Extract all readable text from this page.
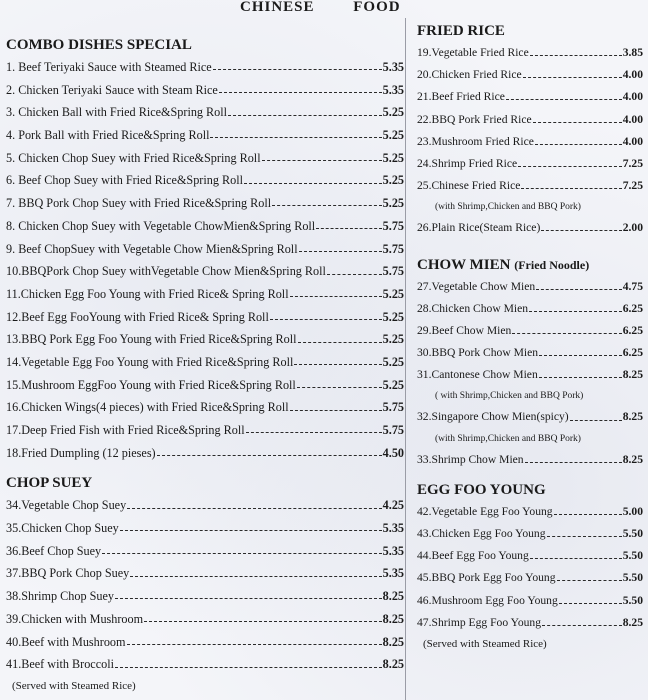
CHINESE FOOD
COMBO DISHES SPECIAL
1. Beef Teriyaki Sauce with Steamed Rice	5.35
2. Chicken Teriyaki Sauce with Steam Rice	5.35
3. Chicken Ball with Fried Rice&Spring Roll	5.25
4. Pork Ball with Fried Rice&Spring Roll	5.25
5. Chicken Chop Suey with Fried Rice&Spring Roll	5.25
6. Beef Chop Suey with Fried Rice&Spring Roll	5.25
7. BBQ Pork Chop Suey with Fried Rice&Spring Roll	5.25
8. Chicken Chop Suey with Vegetable ChowMien&Spring Roll	5.75
9. Beef ChopSuey with Vegetable Chow Mien&Spring Roll	5.75
10.BBQPork Chop Suey withVegetable Chow Mien&Spring Roll	5.75
11.Chicken Egg Foo Young with Fried Rice& Spring Roll	5.25
12.Beef Egg FooYoung with Fried Rice& Spring Roll	5.25
13.BBQ Pork Egg Foo Young with Fried Rice&Spring Roll	5.25
14.Vegetable Egg Foo Young with Fried Rice&Spring Roll	5.25
15.Mushroom EggFoo Young with Fried Rice&Spring Roll	5.25
16.Chicken Wings(4 pieces) with Fried Rice&Spring Roll	5.75
17.Deep Fried Fish with Fried Rice&Spring Roll	5.75
18.Fried Dumpling (12 pieses)	4.50
CHOP SUEY
34.Vegetable Chop Suey	4.25
35.Chicken Chop Suey	5.35
36.Beef Chop Suey	5.35
37.BBQ Pork Chop Suey	5.35
38.Shrimp Chop Suey	8.25
39.Chicken with Mushroom	8.25
40.Beef with Mushroom	8.25
41.Beef with Broccoli	8.25
(Served with Steamed Rice)
FRIED RICE
19.Vegetable Fried Rice	3.85
20.Chicken Fried Rice	4.00
21.Beef Fried Rice	4.00
22.BBQ Pork Fried Rice	4.00
23.Mushroom Fried Rice	4.00
24.Shrimp Fried Rice	7.25
25.Chinese Fried Rice	7.25
(with Shrimp,Chicken and BBQ Pork)
26.Plain Rice(Steam Rice)	2.00
CHOW MIEN (Fried Noodle)
27.Vegetable Chow Mien	4.75
28.Chicken Chow Mien	6.25
29.Beef Chow Mien	6.25
30.BBQ Pork Chow Mien	6.25
31.Cantonese Chow Mien	8.25
( with Shrimp,Chicken and BBQ Pork)
32.Singapore Chow Mien(spicy)	8.25
(with Shrimp,Chicken and BBQ Pork)
33.Shrimp Chow Mien	8.25
EGG FOO YOUNG
42.Vegetable Egg Foo Young	5.00
43.Chicken Egg Foo Young	5.50
44.Beef Egg Foo Young	5.50
45.BBQ Pork Egg Foo Young	5.50
46.Mushroom Egg Foo Young	5.50
47.Shrimp Egg Foo Young	8.25
(Served with Steamed Rice)
